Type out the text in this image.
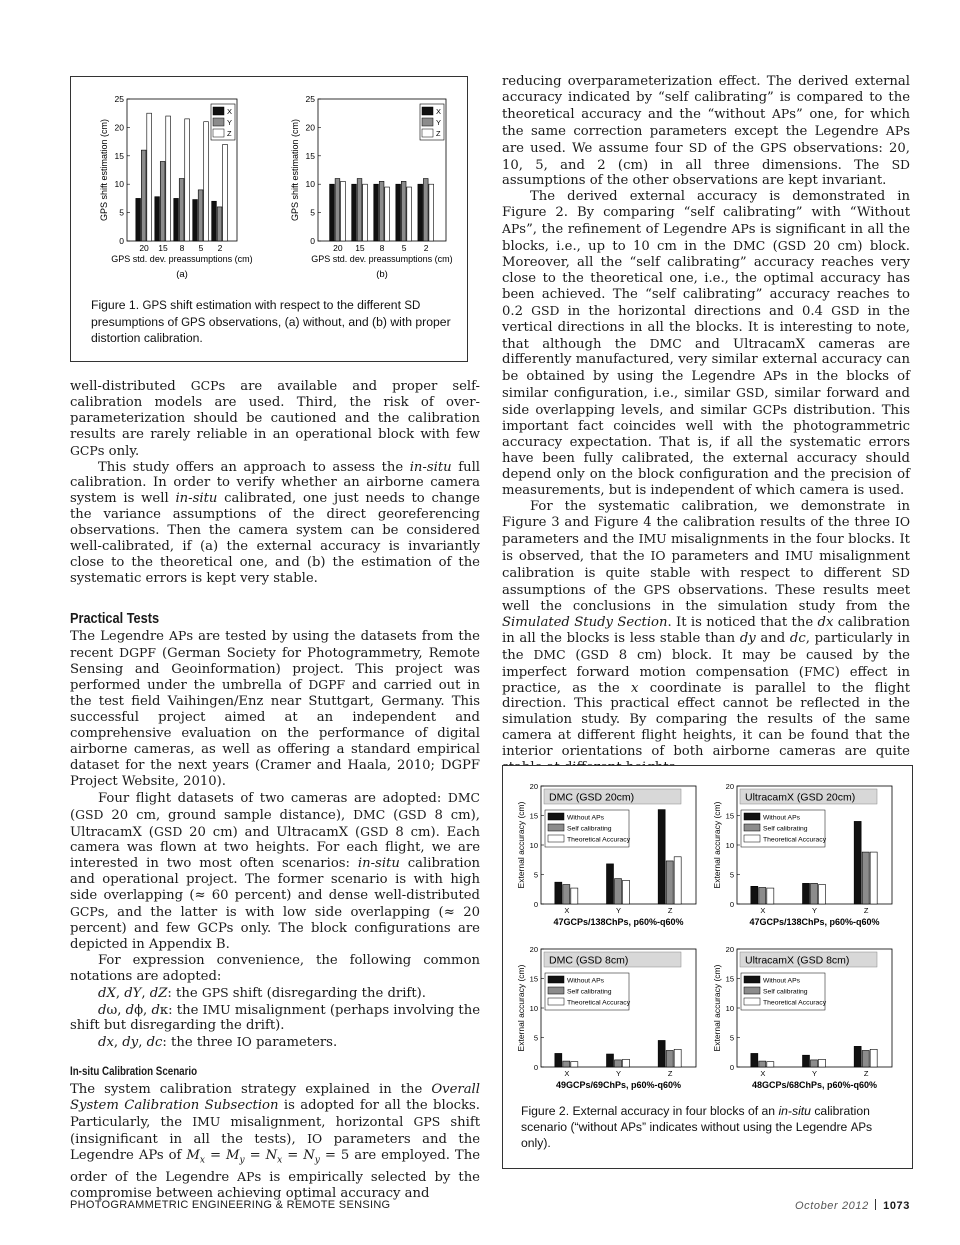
0
5
10
15
20
25
20 15 8 5 2
GPS std. dev. preassumptions (cm)
GPS shift estimation (cm)
(a)
X
Y
Z
0
5
10
15
20
25
20 15 8 5 2
GPS std. dev. preassumptions (cm)
GPS shift estimation (cm)
(b)
X
Y
Z
Figure 1. GPS shift estimation with respect to the different SD presumptions of GPS observations, (a) without, and (b) with proper distortion calibration.

well-distributed GCPs are available and proper self-calibration models are used. Third, the risk of over-parameterization should be cautioned and the calibration results are rarely reliable in an operational block with few GCPs only.

This study offers an approach to assess the in-situ full calibration. In order to verify whether an airborne camera system is well in-situ calibrated, one just needs to change the variance assumptions of the direct georeferencing observations. Then the camera system can be considered well-calibrated, if (a) the external accuracy is invariantly close to the theoretical one, and (b) the estimation of the systematic errors is kept very stable.

Practical Tests

The Legendre APs are tested by using the datasets from the recent DGPF (German Society for Photogrammetry, Remote Sensing and Geoinformation) project. This project was performed under the umbrella of DGPF and carried out in the test field Vaihingen/Enz near Stuttgart, Germany. This successful project aimed at an independent and comprehensive evaluation on the performance of digital airborne cameras, as well as offering a standard empirical dataset for the next years (Cramer and Haala, 2010; DGPF Project Website, 2010).

Four flight datasets of two cameras are adopted: DMC (GSD 20 cm, ground sample distance), DMC (GSD 8 cm), UltracamX (GSD 20 cm) and UltracamX (GSD 8 cm). Each camera was flown at two heights. For each flight, we are interested in two most often scenarios: in-situ calibration and operational project. The former scenario is with high side overlapping (≈ 60 percent) and dense well-distributed GCPs, and the latter is with low side overlapping (≈ 20 percent) and few GCPs only. The block configurations are depicted in Appendix B.

For expression convenience, the following common notations are adopted:

dX, dY, dZ: the GPS shift (disregarding the drift).

dω, dϕ, dκ: the IMU misalignment (perhaps involving the shift but disregarding the drift).

dx, dy, dc: the three IO parameters.

In-situ Calibration Scenario

The system calibration strategy explained in the Overall System Calibration Subsection is adopted for all the blocks. Particularly, the IMU misalignment, horizontal GPS shift (insignificant in all the tests), IO parameters and the Legendre APs of $M_x = M_y = N_x = N_y = 5$ are employed. The order of the Legendre APs is empirically selected by the compromise between achieving optimal accuracy and

reducing overparameterization effect. The derived external accuracy indicated by “self calibrating” is compared to the theoretical accuracy and the “without APs” one, for which the same correction parameters except the Legendre APs are used. We assume four SD of the GPS observations: 20, 10, 5, and 2 (cm) in all three dimensions. The SD assumptions of the other observations are kept invariant.

The derived external accuracy is demonstrated in Figure 2. By comparing “self calibrating” with “Without APs”, the refinement of Legendre APs is significant in all the blocks, i.e., up to 10 cm in the DMC (GSD 20 cm) block. Moreover, all the “self calibrating” accuracy reaches very close to the theoretical one, i.e., the optimal accuracy has been achieved. The “self calibrating” accuracy reaches to 0.2 GSD in the horizontal directions and 0.4 GSD in the vertical directions in all the blocks. It is interesting to note, that although the DMC and UltracamX cameras are differently manufactured, very similar external accuracy can be obtained by using the Legendre APs in the blocks of similar configuration, i.e., similar GSD, similar forward and side overlapping levels, and similar GCPs distribution. This important fact coincides well with the photogrammetric accuracy expectation. That is, if all the systematic errors have been fully calibrated, the external accuracy should depend only on the block configuration and the precision of measurements, but is independent of which camera is used.

For the systematic calibration, we demonstrate in Figure 3 and Figure 4 the calibration results of the three IO parameters and the IMU misalignments in the four blocks. It is observed, that the IO parameters and IMU misalignment calibration is quite stable with respect to different SD assumptions of the GPS observations. These results meet well the conclusions in the simulation study from the Simulated Study Section. It is noticed that the dx calibration in all the blocks is less stable than dy and dc, particularly in the DMC (GSD 8 cm) block. It may be caused by the imperfect forward motion compensation (FMC) effect in practice, as the x coordinate is parallel to the flight direction. This practical effect cannot be reflected in the simulation study. By comparing the results of the same camera at different flight heights, it can be found that the interior orientations of both airborne cameras are quite

0
5
10
15
20
X	Y	Z
47GCPs/138ChPs, p60%-q60%
External accuracy (cm)
DMC (GSD 20cm)
Without APs
Self calibrating
Theoretical Accuracy
0
5
10
15
20
X	Y	Z
47GCPs/138ChPs, p60%-q60%
External accuracy (cm)
UltracamX (GSD 20cm)
Without APs
Self calibrating
Theoretical Accuracy
0
5
10
15
20
X	Y	Z
49GCPs/69ChPs, p60%-q60%
External accuracy (cm)
DMC (GSD 8cm)
Without APs
Self calibrating
Theoretical Accuracy
0
5
10
15
20
X	Y	Z
48GCPs/68ChPs, p60%-q60%
External accuracy (cm)
UltracamX (GSD 8cm)
Without APs
Self calibrating
Theoretical Accuracy
Figure 2. External accuracy in four blocks of an in-situ calibration scenario (“without APs” indicates without using the Legendre APs only).
PHOTOGRAMMETRIC ENGINEERING & REMOTE SENSING	October 2012 1073
